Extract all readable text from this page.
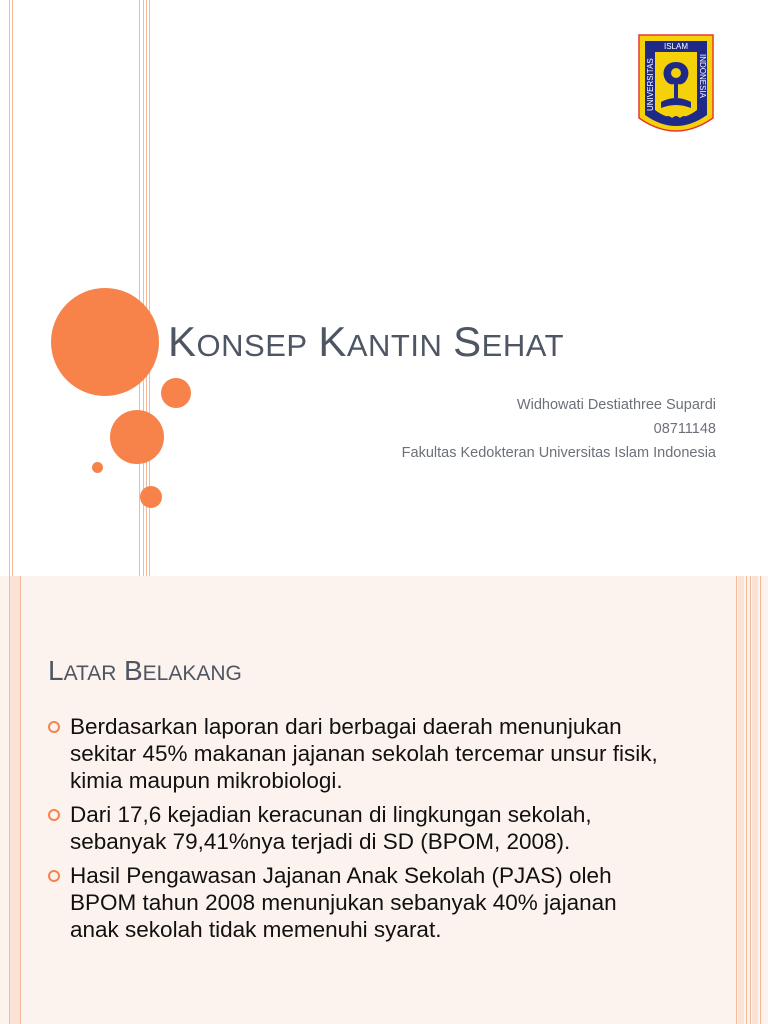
KONSEP KANTIN SEHAT
Widhowati Destiathree Supardi
08711148
Fakultas Kedokteran Universitas Islam Indonesia
UNIVERSITAS
ISLAM
INDONESIA
LATAR BELAKANG
Berdasarkan laporan dari berbagai daerah menunjukan sekitar 45% makanan jajanan sekolah tercemar unsur fisik, kimia maupun mikrobiologi.
Dari 17,6 kejadian keracunan di lingkungan sekolah, sebanyak 79,41%nya terjadi di SD (BPOM, 2008).
Hasil Pengawasan Jajanan Anak Sekolah (PJAS) oleh BPOM tahun 2008 menunjukan sebanyak 40% jajanan anak sekolah tidak memenuhi syarat.
